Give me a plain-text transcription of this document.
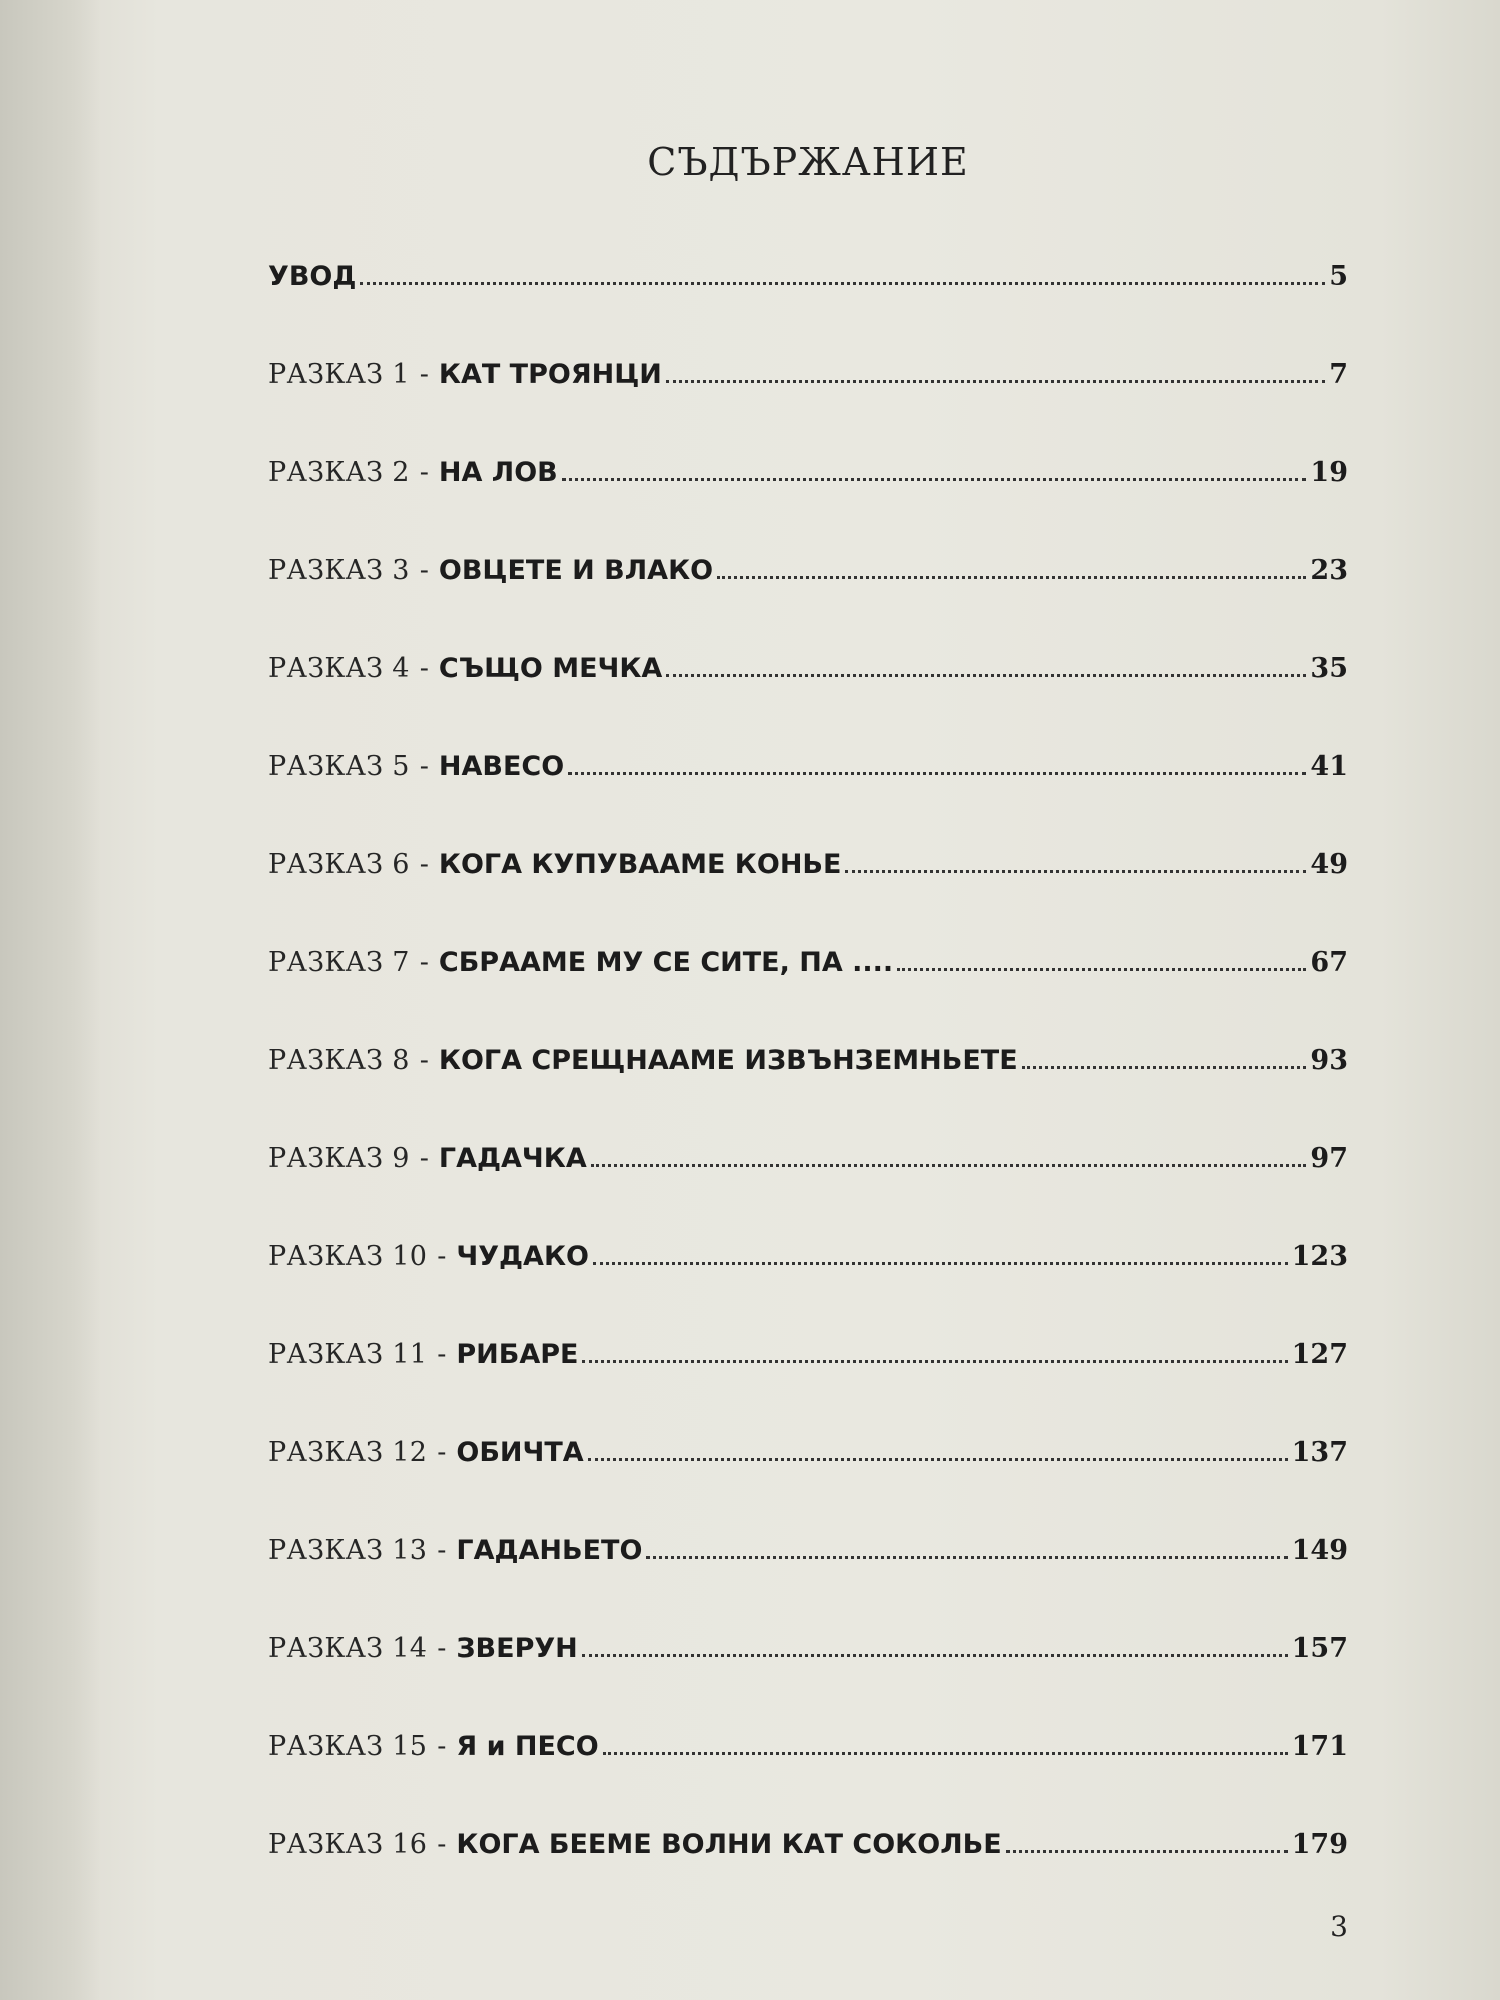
СЪДЪРЖАНИЕ
УВОД	5
РАЗКАЗ 1 - КАТ ТРОЯНЦИ	7
РАЗКАЗ 2 - НА ЛОВ	19
РАЗКАЗ 3 - ОВЦЕТЕ И ВЛАКО	23
РАЗКАЗ 4 - СЪЩО МЕЧКА	35
РАЗКАЗ 5 - НАВЕСО	41
РАЗКАЗ 6 - КОГА КУПУВААМЕ КОНЬЕ	49
РАЗКАЗ 7 - СБРААМЕ МУ СЕ СИТЕ, ПА ....	67
РАЗКАЗ 8 - КОГА СРЕЩНААМЕ ИЗВЪНЗЕМНЬЕТЕ	93
РАЗКАЗ 9 - ГАДАЧКА	97
РАЗКАЗ 10 - ЧУДАКО	123
РАЗКАЗ 11 - РИБАРЕ	127
РАЗКАЗ 12 - ОБИЧТА	137
РАЗКАЗ 13 - ГАДАНЬЕТО	149
РАЗКАЗ 14 - ЗВЕРУН	157
РАЗКАЗ 15 - Я и ПЕСО	171
РАЗКАЗ 16 - КОГА БЕЕМЕ ВОЛНИ КАТ СОКОЛЬЕ	179
3
